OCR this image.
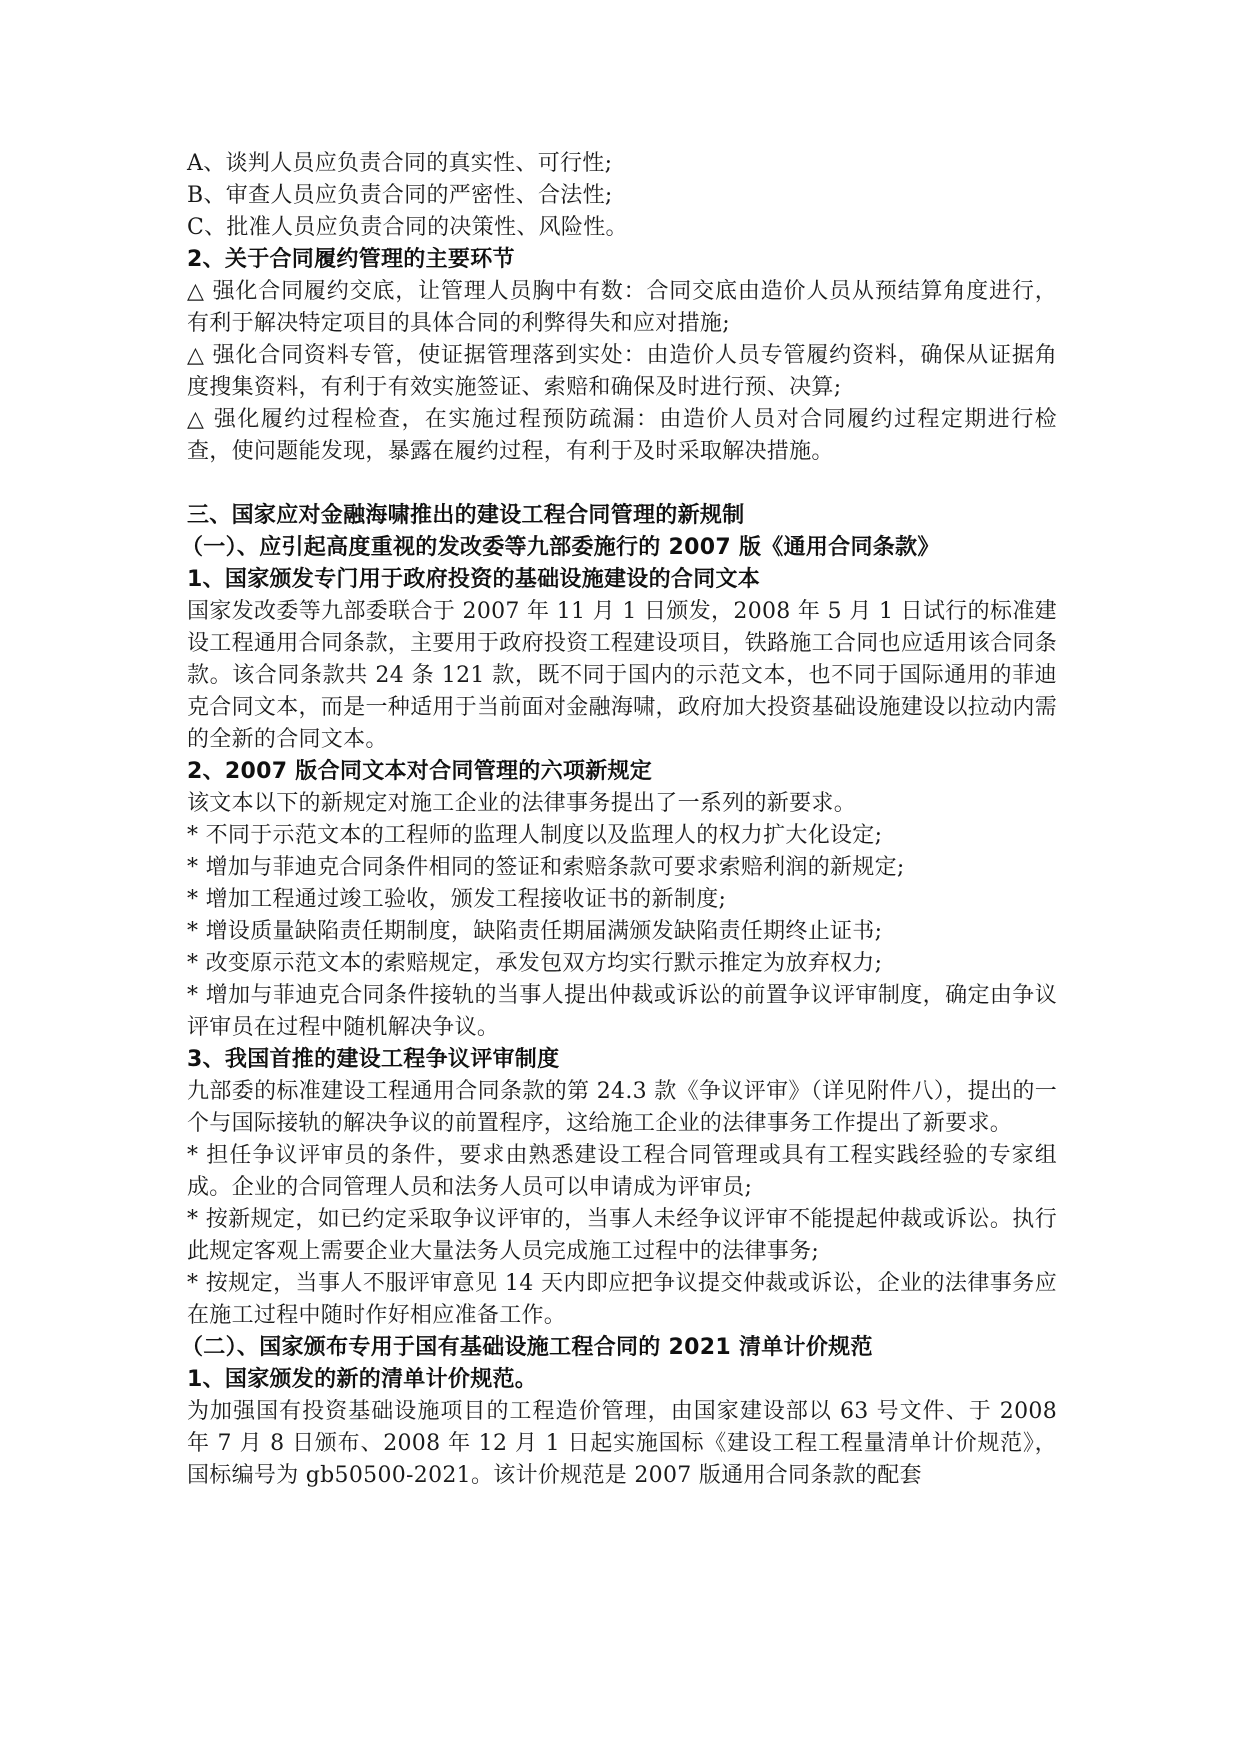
A、谈判人员应负责合同的真实性、可行性;
B、审查人员应负责合同的严密性、合法性;
C、批准人员应负责合同的决策性、风险性。
2、关于合同履约管理的主要环节
△ 强化合同履约交底，让管理人员胸中有数：合同交底由造价人员从预结算角度进行，有利于解决特定项目的具体合同的利弊得失和应对措施;
△ 强化合同资料专管，使证据管理落到实处：由造价人员专管履约资料，确保从证据角度搜集资料，有利于有效实施签证、索赔和确保及时进行预、决算;
△ 强化履约过程检查，在实施过程预防疏漏：由造价人员对合同履约过程定期进行检查，使问题能发现，暴露在履约过程，有利于及时采取解决措施。
三、国家应对金融海啸推出的建设工程合同管理的新规制
（一）、应引起高度重视的发改委等九部委施行的 2007 版《通用合同条款》
1、国家颁发专门用于政府投资的基础设施建设的合同文本
国家发改委等九部委联合于 2007 年 11 月 1 日颁发，2008 年 5 月 1 日试行的标准建设工程通用合同条款，主要用于政府投资工程建设项目，铁路施工合同也应适用该合同条款。该合同条款共 24 条 121 款，既不同于国内的示范文本，也不同于国际通用的菲迪克合同文本，而是一种适用于当前面对金融海啸，政府加大投资基础设施建设以拉动内需的全新的合同文本。
2、2007 版合同文本对合同管理的六项新规定
该文本以下的新规定对施工企业的法律事务提出了一系列的新要求。
* 不同于示范文本的工程师的监理人制度以及监理人的权力扩大化设定;
* 增加与菲迪克合同条件相同的签证和索赔条款可要求索赔利润的新规定;
* 增加工程通过竣工验收，颁发工程接收证书的新制度;
* 增设质量缺陷责任期制度，缺陷责任期届满颁发缺陷责任期终止证书;
* 改变原示范文本的索赔规定，承发包双方均实行默示推定为放弃权力;
* 增加与菲迪克合同条件接轨的当事人提出仲裁或诉讼的前置争议评审制度，确定由争议评审员在过程中随机解决争议。
3、我国首推的建设工程争议评审制度
九部委的标准建设工程通用合同条款的第 24.3 款《争议评审》（详见附件八），提出的一个与国际接轨的解决争议的前置程序，这给施工企业的法律事务工作提出了新要求。
* 担任争议评审员的条件，要求由熟悉建设工程合同管理或具有工程实践经验的专家组成。企业的合同管理人员和法务人员可以申请成为评审员;
* 按新规定，如已约定采取争议评审的，当事人未经争议评审不能提起仲裁或诉讼。执行此规定客观上需要企业大量法务人员完成施工过程中的法律事务;
* 按规定，当事人不服评审意见 14 天内即应把争议提交仲裁或诉讼，企业的法律事务应在施工过程中随时作好相应准备工作。
（二）、国家颁布专用于国有基础设施工程合同的 2021 清单计价规范
1、国家颁发的新的清单计价规范。
为加强国有投资基础设施项目的工程造价管理，由国家建设部以 63 号文件、于 2008 年 7 月 8 日颁布、2008 年 12 月 1 日起实施国标《建设工程工程量清单计价规范》，国标编号为 gb50500-2021。该计价规范是 2007 版通用合同条款的配套
